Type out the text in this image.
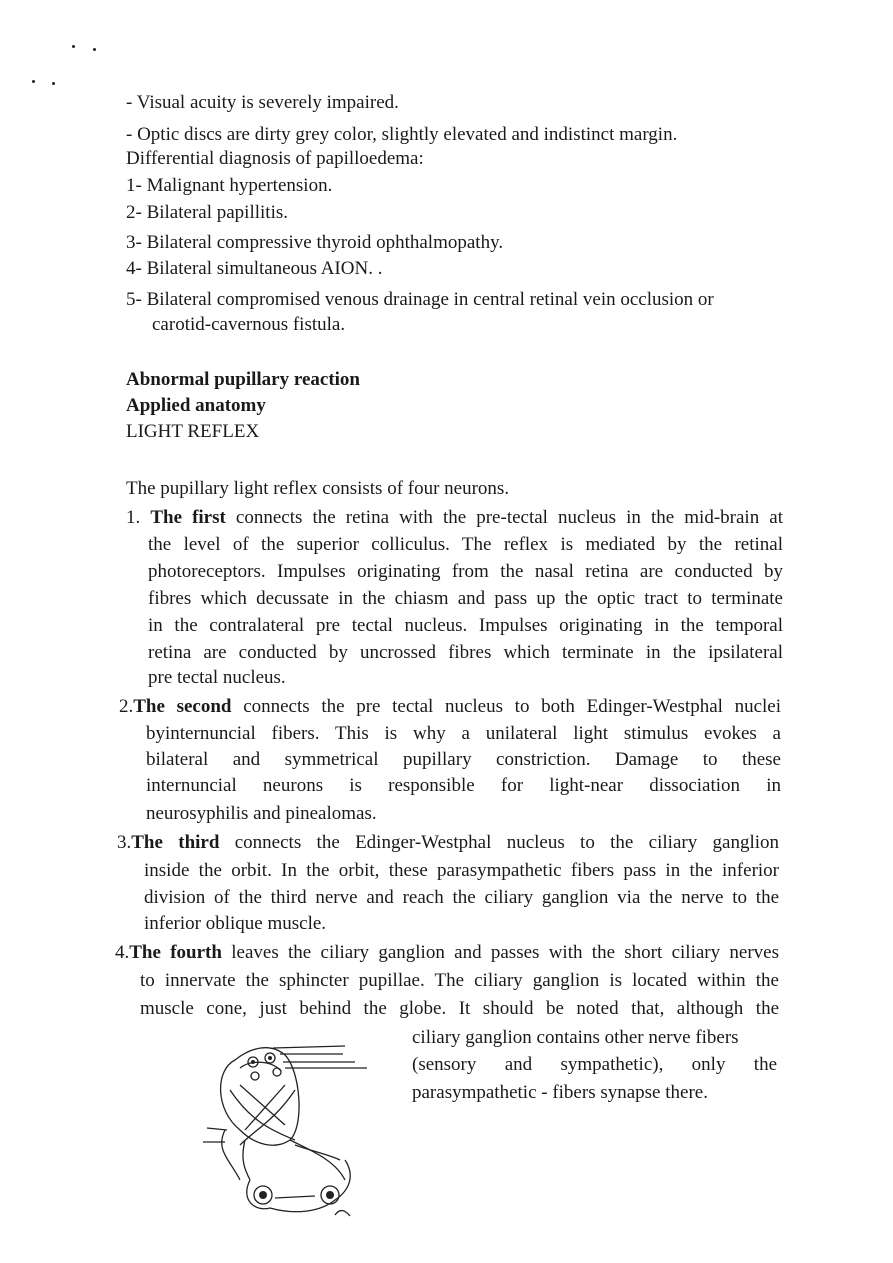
- Visual acuity is severely impaired.
- Optic discs are dirty grey color, slightly elevated and indistinct margin.
Differential diagnosis of papilloedema:
1- Malignant hypertension.
2- Bilateral papillitis.
3- Bilateral compressive thyroid ophthalmopathy.
4- Bilateral simultaneous AION. .
5- Bilateral compromised venous drainage in central retinal vein occlusion or
carotid-cavernous fistula.
Abnormal pupillary reaction
Applied anatomy
LIGHT REFLEX
The pupillary light reflex consists of four neurons.
1. The first connects the retina with the pre-tectal nucleus in the mid-brain at
the level of the superior colliculus. The reflex is mediated by the retinal
photoreceptors. Impulses originating from the nasal retina are conducted by
fibres which decussate in the chiasm and pass up the optic tract to terminate
in the contralateral pre tectal nucleus. Impulses originating in the temporal
retina are conducted by uncrossed fibres which terminate in the ipsilateral
pre tectal nucleus.
2.The second connects the pre tectal nucleus to both Edinger-Westphal nuclei
byinternuncial fibers. This is why a unilateral light stimulus evokes a
bilateral and symmetrical pupillary constriction. Damage to these
internuncial neurons is responsible for light-near dissociation in
neurosyphilis and pinealomas.
3.The third connects the Edinger-Westphal nucleus to the ciliary ganglion
inside the orbit. In the orbit, these parasympathetic fibers pass in the inferior
division of the third nerve and reach the ciliary ganglion via the nerve to the
inferior oblique muscle.
4.The fourth leaves the ciliary ganglion and passes with the short ciliary nerves
to innervate the sphincter pupillae. The ciliary ganglion is located within the
muscle cone, just behind the globe. It should be noted that, although the
ciliary ganglion contains other nerve fibers
(sensory and sympathetic), only the
parasympathetic - fibers synapse there.
